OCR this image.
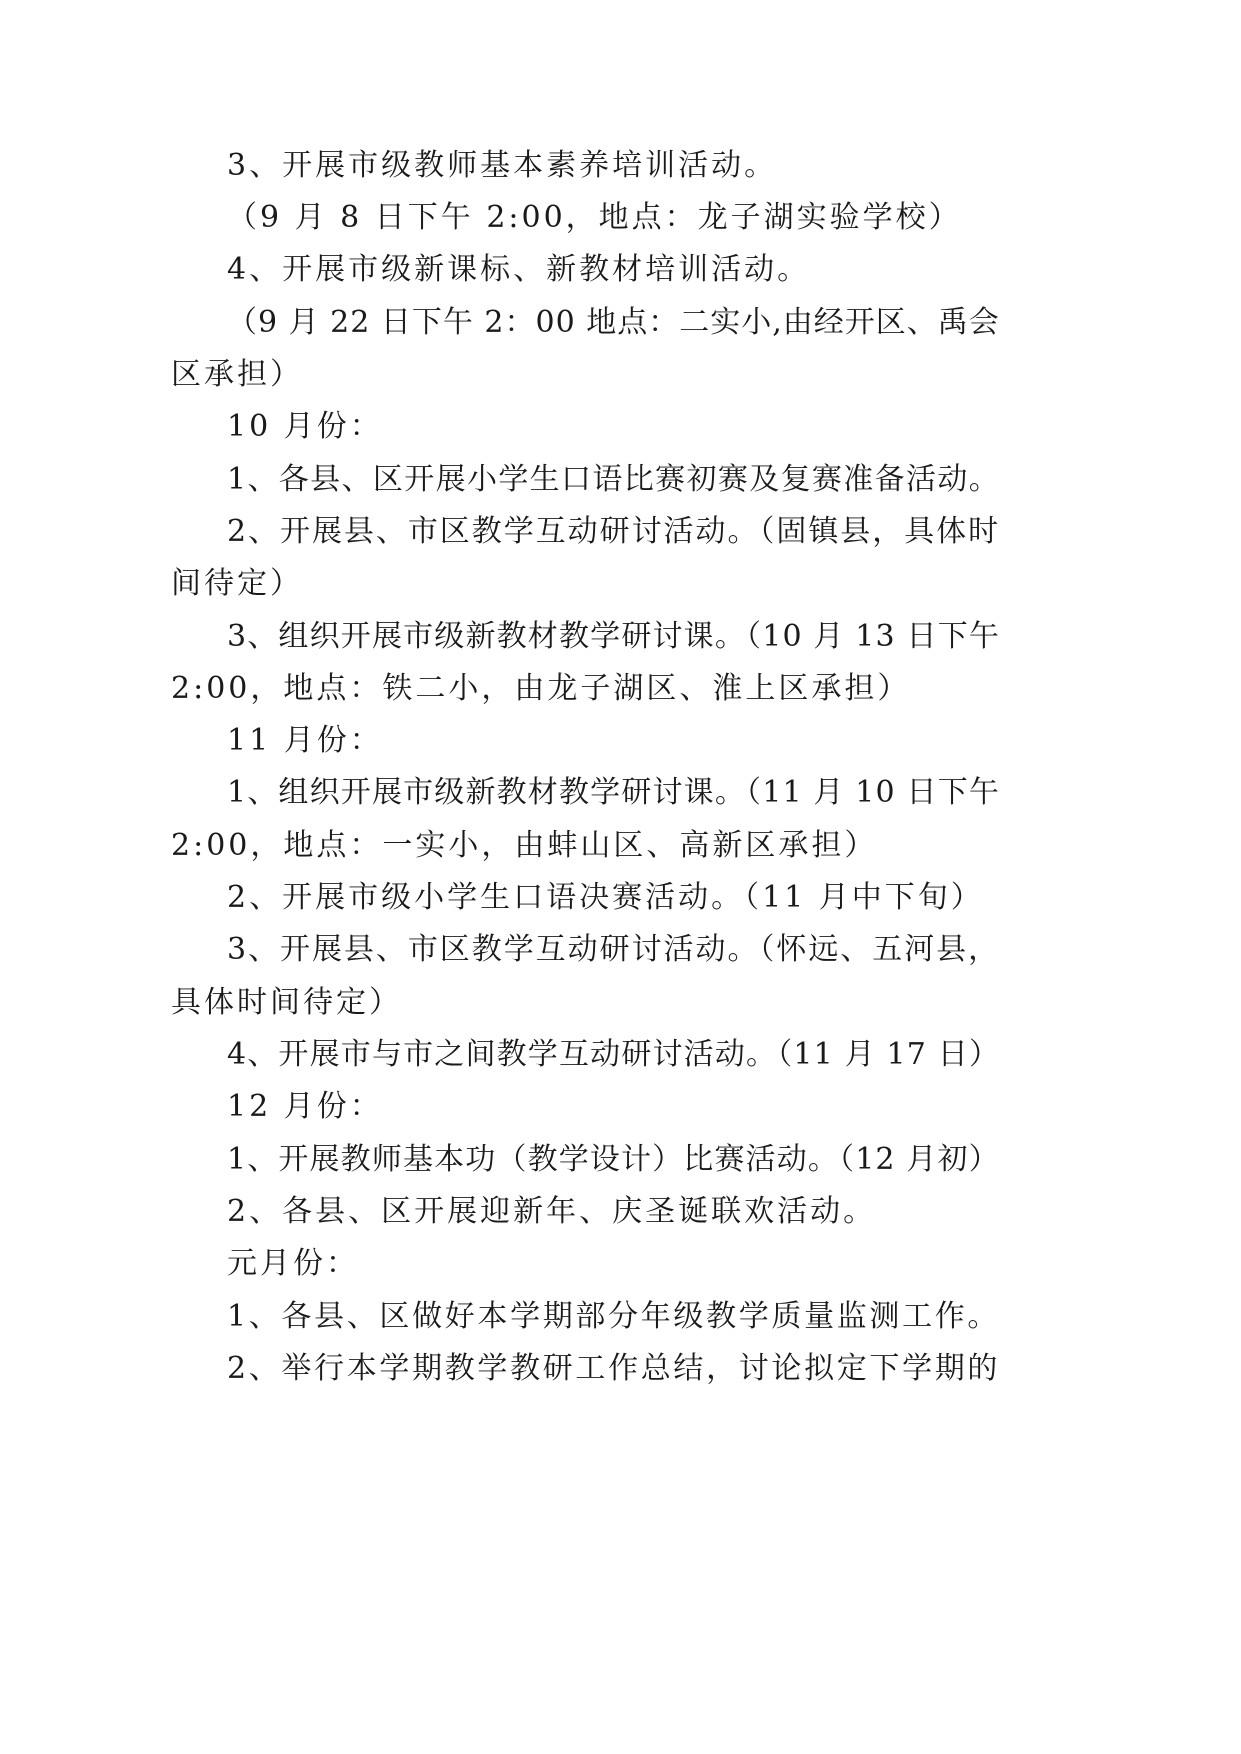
3、开展市级教师基本素养培训活动。
（9 月 8 日下午 2:00，地点：龙子湖实验学校）
4、开展市级新课标、新教材培训活动。
（9 月 22 日下午 2：00 地点：二实小,由经开区、禹会
区承担）
10 月份：
1、各县、区开展小学生口语比赛初赛及复赛准备活动。
2、开展县、市区教学互动研讨活动。（固镇县，具体时
间待定）
3、组织开展市级新教材教学研讨课。（10 月 13 日下午
2:00，地点：铁二小，由龙子湖区、淮上区承担）
11 月份：
1、组织开展市级新教材教学研讨课。（11 月 10 日下午
2:00，地点：一实小，由蚌山区、高新区承担）
2、开展市级小学生口语决赛活动。（11 月中下旬）
3、开展县、市区教学互动研讨活动。（怀远、五河县，
具体时间待定）
4、开展市与市之间教学互动研讨活动。（11 月 17 日）
12 月份：
1、开展教师基本功（教学设计）比赛活动。（12 月初）
2、各县、区开展迎新年、庆圣诞联欢活动。
元月份：
1、各县、区做好本学期部分年级教学质量监测工作。
2、举行本学期教学教研工作总结，讨论拟定下学期的
